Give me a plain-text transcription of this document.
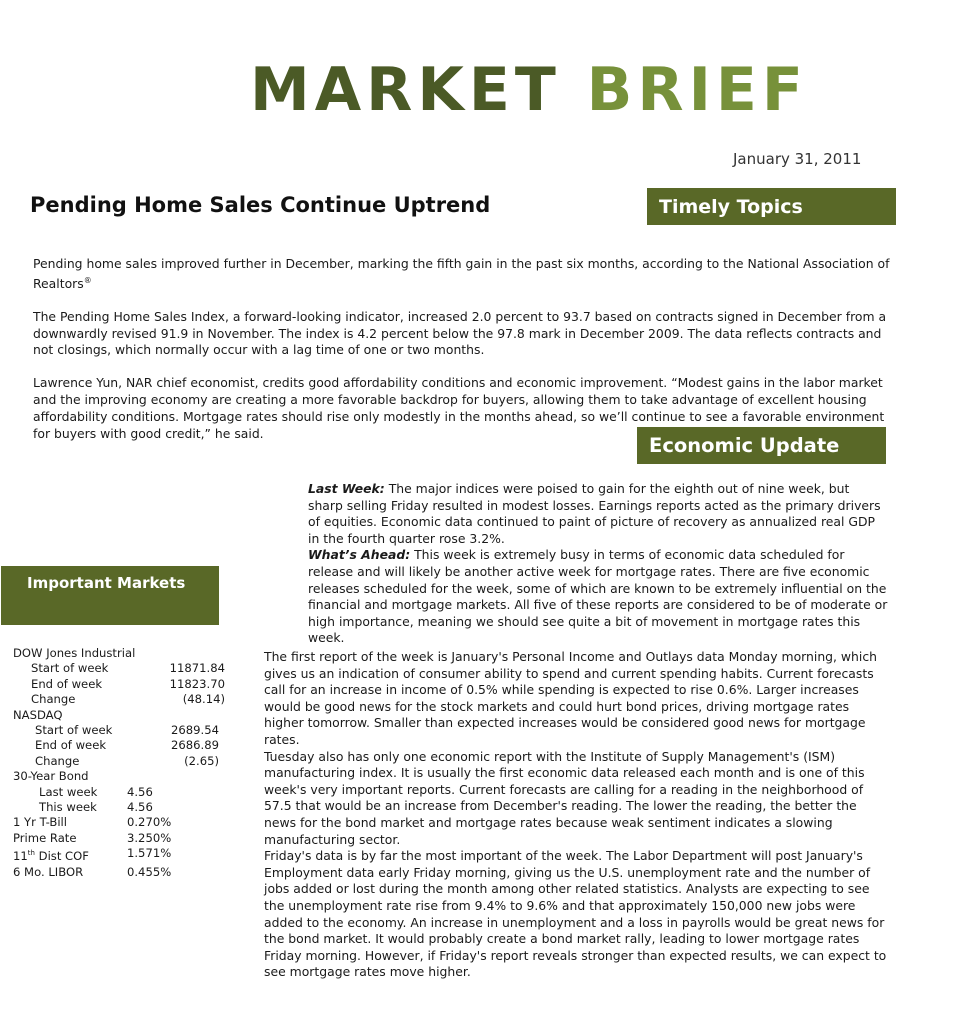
MARKET BRIEF
January 31, 2011
Pending Home Sales Continue Uptrend	Timely Topics

Pending home sales improved further in December, marking the fifth gain in the past six months, according to the National Association of Realtors®

The Pending Home Sales Index, a forward-looking indicator, increased 2.0 percent to 93.7 based on contracts signed in December from a downwardly revised 91.9 in November. The index is 4.2 percent below the 97.8 mark in December 2009. The data reflects contracts and not closings, which normally occur with a lag time of one or two months.

Lawrence Yun, NAR chief economist, credits good affordability conditions and economic improvement. “Modest gains in the labor market and the improving economy are creating a more favorable backdrop for buyers, allowing them to take advantage of excellent housing affordability conditions. Mortgage rates should rise only modestly in the months ahead, so we’ll continue to see a favorable environment for buyers with good credit,” he said.

Economic Update

Last Week: The major indices were poised to gain for the eighth out of nine week, but sharp selling Friday resulted in modest losses. Earnings reports acted as the primary drivers of equities. Economic data continued to paint of picture of recovery as annualized real GDP in the fourth quarter rose 3.2%.

What’s Ahead: This week is extremely busy in terms of economic data scheduled for release and will likely be another active week for mortgage rates. There are five economic releases scheduled for the week, some of which are known to be extremely influential on the financial and mortgage markets. All five of these reports are considered to be of moderate or high importance, meaning we should see quite a bit of movement in mortgage rates this week.

The first report of the week is January's Personal Income and Outlays data Monday morning, which gives us an indication of consumer ability to spend and current spending habits. Current forecasts call for an increase in income of 0.5% while spending is expected to rise 0.6%. Larger increases would be good news for the stock markets and could hurt bond prices, driving mortgage rates higher tomorrow. Smaller than expected increases would be considered good news for mortgage rates.

Tuesday also has only one economic report with the Institute of Supply Management's (ISM) manufacturing index. It is usually the first economic data released each month and is one of this week's very important reports. Current forecasts are calling for a reading in the neighborhood of 57.5 that would be an increase from December's reading. The lower the reading, the better the news for the bond market and mortgage rates because weak sentiment indicates a slowing manufacturing sector.

Friday's data is by far the most important of the week. The Labor Department will post January's Employment data early Friday morning, giving us the U.S. unemployment rate and the number of jobs added or lost during the month among other related statistics. Analysts are expecting to see the unemployment rate rise from 9.4% to 9.6% and that approximately 150,000 new jobs were added to the economy. An increase in unemployment and a loss in payrolls would be great news for the bond market. It would probably create a bond market rally, leading to lower mortgage rates Friday morning. However, if Friday's report reveals stronger than expected results, we can expect to see mortgage rates move higher.

Important Markets
DOW Jones Industrial
Start of week	11871.84
End of week	11823.70
Change	(48.14)
NASDAQ
Start of week	2689.54
End of week	2686.89
Change	(2.65)
30-Year Bond
Last week	4.56
This week	4.56
1 Yr T-Bill	0.270%
Prime Rate	3.250%
11th Dist COF	1.571%
6 Mo. LIBOR	0.455%
